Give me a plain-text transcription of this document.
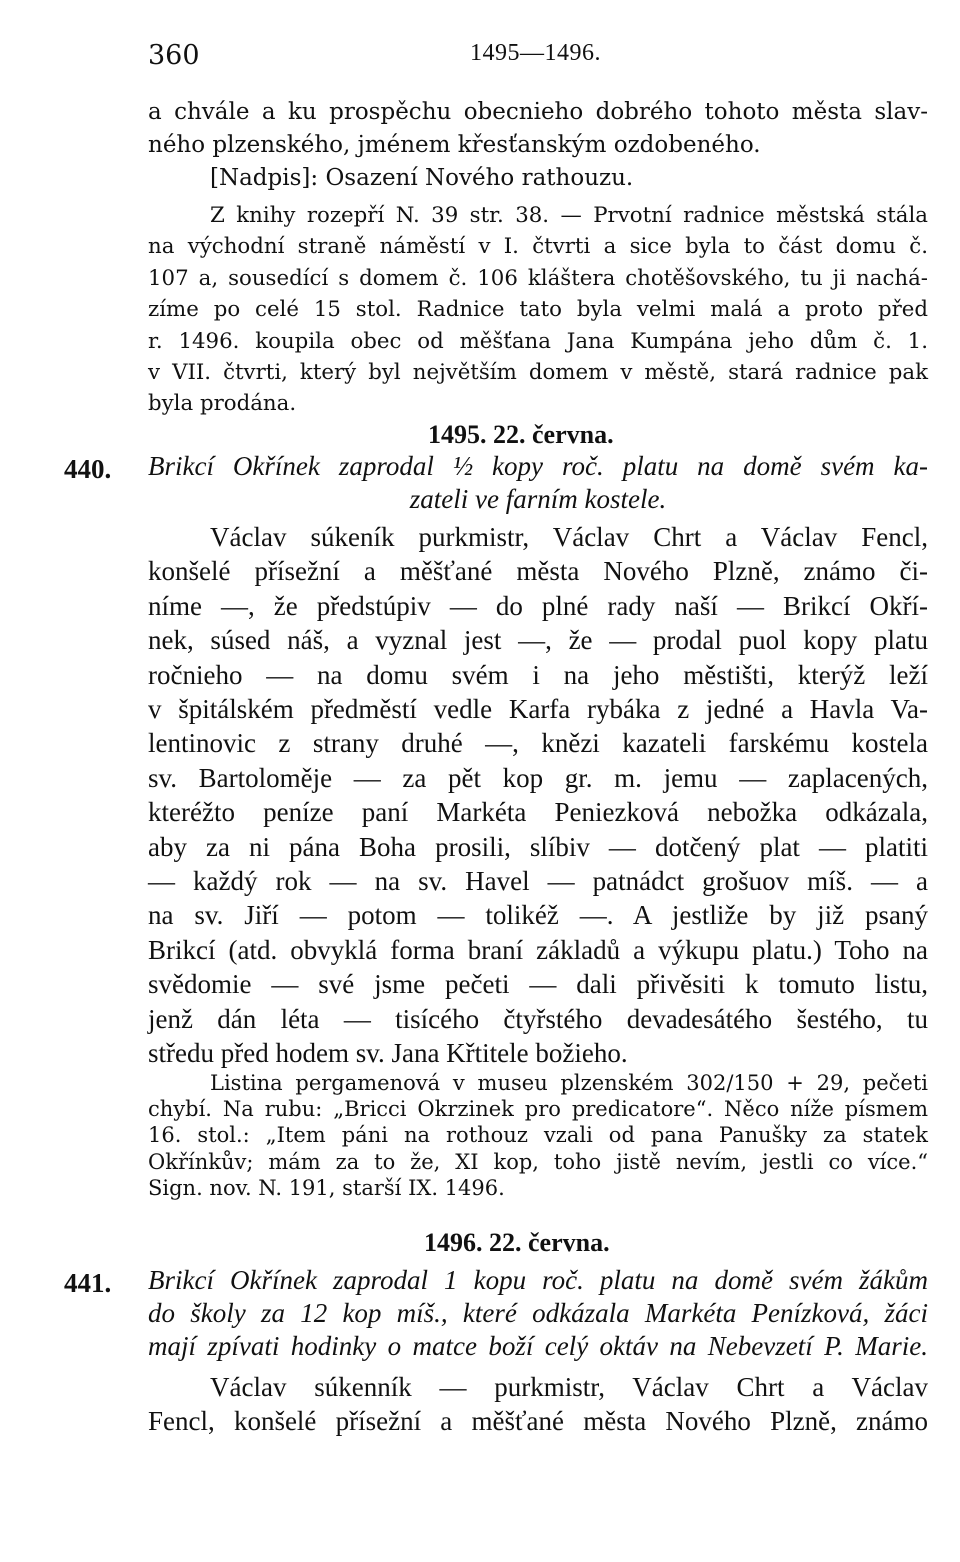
360	1495—1496.
a chvále a ku prospěchu obecnieho dobrého tohoto města slav-
ného plzenského, jménem křesťanským ozdobeného.
[Nadpis]: Osazení Nového rathouzu.
Z knihy rozepří N. 39 str. 38. — Prvotní radnice městská stála
na východní straně náměstí v I. čtvrti a sice byla to část domu č.
107 a, sousedící s domem č. 106 kláštera chotěšovského, tu ji nachá-
zíme po celé 15 stol. Radnice tato byla velmi malá a proto před
r. 1496. koupila obec od měšťana Jana Kumpána jeho dům č. 1.
v VII. čtvrti, který byl největším domem v městě, stará radnice pak
byla prodána.
1495. 22. června.
440. Brikcí Okřínek zaprodal ½ kopy roč. platu na domě svém ka-
zateli ve farním kostele.
Václav súkeník purkmistr, Václav Chrt a Václav Fencl,
konšelé přísežní a měšťané města Nového Plzně, známo či-
níme —, že předstúpiv — do plné rady naší — Brikcí Okří-
nek, súsed náš, a vyznal jest —, že — prodal puol kopy platu
ročnieho — na domu svém i na jeho městišti, kterýž leží
v špitálském předměstí vedle Karfa rybáka z jedné a Havla Va-
lentinovic z strany druhé —, knězi kazateli farskému kostela
sv. Bartoloměje — za pět kop gr. m. jemu — zaplacených,
kteréžto peníze paní Markéta Peniezková nebožka odkázala,
aby za ni pána Boha prosili, slíbiv — dotčený plat — platiti
— každý rok — na sv. Havel — patnádct grošuov míš. — a
na sv. Jiří — potom — tolikéž —. A jestliže by již psaný
Brikcí (atd. obvyklá forma braní základů a výkupu platu.) Toho na
svědomie — své jsme pečeti — dali přivěsiti k tomuto listu,
jenž dán léta — tisícého čtyřstého devadesátého šestého, tu
středu před hodem sv. Jana Křtitele božieho.
Listina pergamenová v museu plzenském 302/150 + 29, pečeti
chybí. Na rubu: „Bricci Okrzinek pro predicatore“. Něco níže písmem
16. stol.: „Item páni na rothouz vzali od pana Panušky za statek
Okřínkův; mám za to že, XI kop, toho jistě nevím, jestli co více.“
Sign. nov. N. 191, starší IX. 1496.
1496. 22. června.
441. Brikcí Okřínek zaprodal 1 kopu roč. platu na domě svém žákům
do školy za 12 kop míš., které odkázala Markéta Penízková, žáci
mají zpívati hodinky o matce boží celý oktáv na Nebevzetí P. Marie.
Václav súkenník — purkmistr, Václav Chrt a Václav
Fencl, konšelé přísežní a měšťané města Nového Plzně, známo
